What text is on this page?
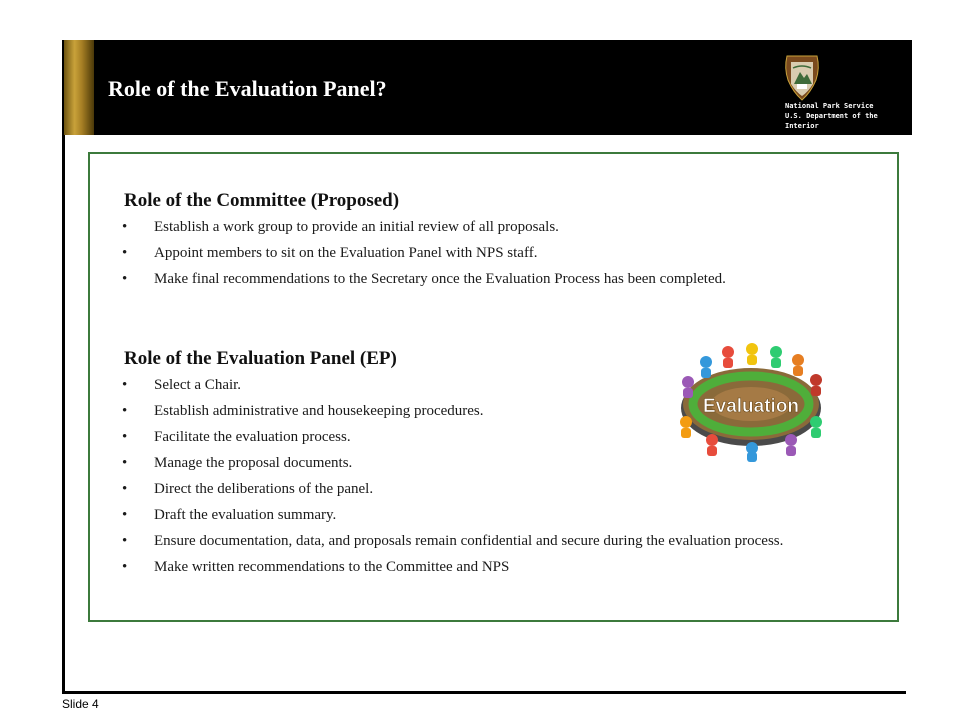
Role of the Evaluation Panel?
National Park Service
U.S. Department of the
Interior
Role of the Committee (Proposed)
• Establish a work group to provide an initial review of all proposals.
• Appoint members to sit on the Evaluation Panel with NPS staff.
• Make final recommendations to the Secretary once the Evaluation Process has been completed.
Role of the Evaluation Panel (EP)
Evaluation
• Select a Chair.
• Establish administrative and housekeeping procedures.
• Facilitate the evaluation process.
• Manage the proposal documents.
• Direct the deliberations of the panel.
• Draft the evaluation summary.
• Ensure documentation, data, and proposals remain confidential and secure during the evaluation process.
• Make written recommendations to the Committee and NPS
Slide 4
